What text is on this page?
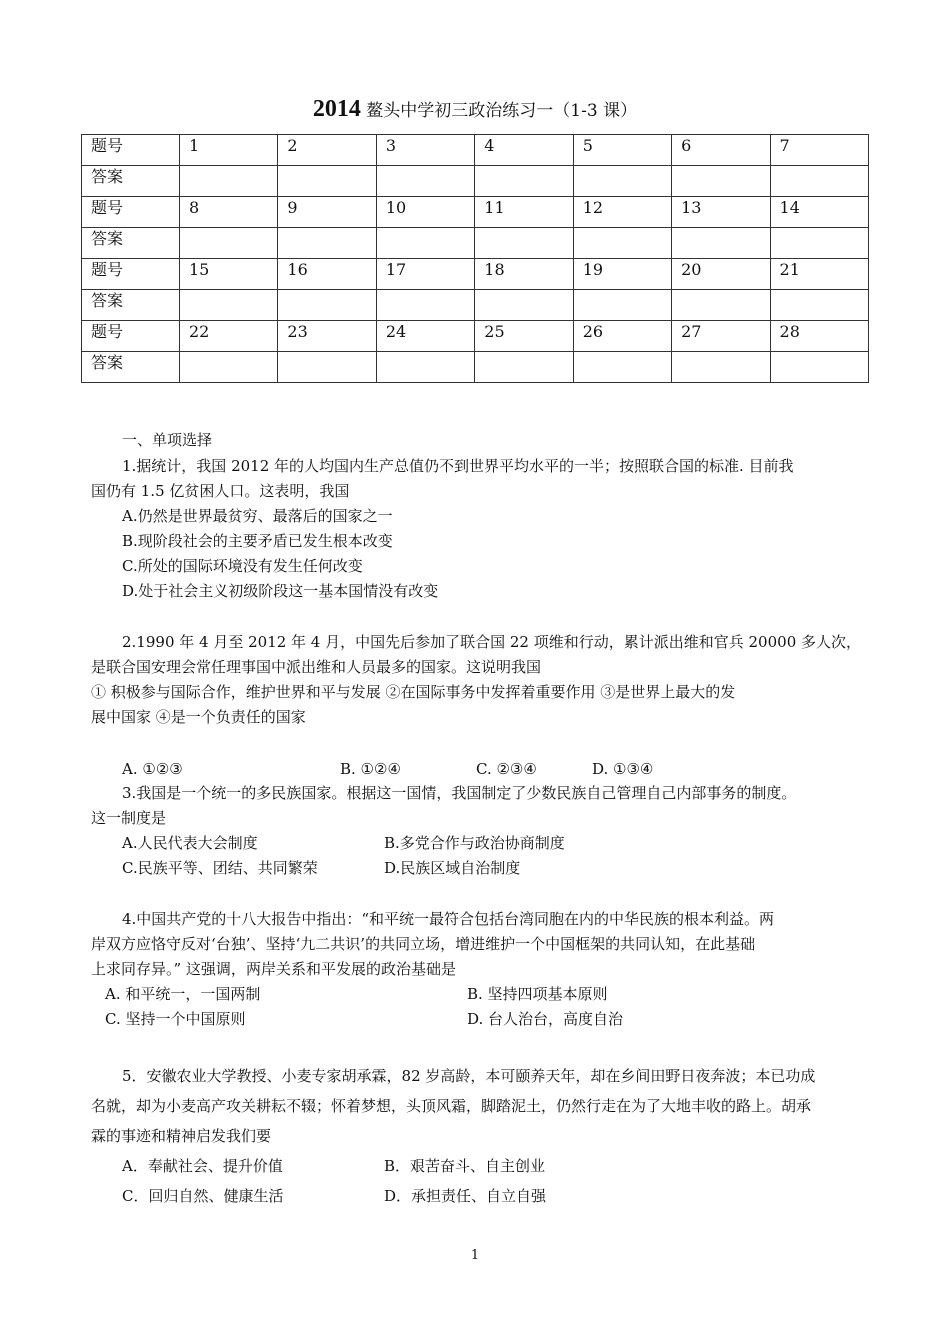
2014 鳌头中学初三政治练习一（1-3 课）
题号	1	2	3	4	5	6	7
答案							
题号	8	9	10	11	12	13	14
答案							
题号	15	16	17	18	19	20	21
答案							
题号	22	23	24	25	26	27	28
答案							
一、单项选择
1.据统计，我国 2012 年的人均国内生产总值仍不到世界平均水平的一半；按照联合国的标准. 目前我
国仍有 1.5 亿贫困人口。这表明，我国
A.仍然是世界最贫穷、最落后的国家之一
B.现阶段社会的主要矛盾已发生根本改变
C.所处的国际环境没有发生任何改变
D.处于社会主义初级阶段这一基本国情没有改变
2.1990 年 4 月至 2012 年 4 月，中国先后参加了联合国 22 项维和行动，累计派出维和官兵 20000 多人次，
是联合国安理会常任理事国中派出维和人员最多的国家。这说明我国
① 积极参与国际合作，维护世界和平与发展 ②在国际事务中发挥着重要作用 ③是世界上最大的发
展中国家 ④是一个负责任的国家
A. ①②③	B. ①②④	C. ②③④	D. ①③④
3.我国是一个统一的多民族国家。根据这一国情，我国制定了少数民族自己管理自己内部事务的制度。
这一制度是
A.人民代表大会制度	B.多党合作与政治协商制度
C.民族平等、团结、共同繁荣	D.民族区域自治制度
4.中国共产党的十八大报告中指出：“和平统一最符合包括台湾同胞在内的中华民族的根本利益。两
岸双方应恪守反对‘台独’、坚持‘九二共识’的共同立场，增进维护一个中国框架的共同认知，在此基础
上求同存异。” 这强调，两岸关系和平发展的政治基础是
A. 和平统一，一国两制	B. 坚持四项基本原则
C. 坚持一个中国原则	D. 台人治台，高度自治
5．安徽农业大学教授、小麦专家胡承霖，82 岁高龄，本可颐养天年，却在乡间田野日夜奔波；本已功成
名就，却为小麦高产攻关耕耘不辍；怀着梦想，头顶风霜，脚踏泥土，仍然行走在为了大地丰收的路上。胡承
霖的事迹和精神启发我们要
A．奉献社会、提升价值	B．艰苦奋斗、自主创业
C．回归自然、健康生活	D．承担责任、自立自强
1
